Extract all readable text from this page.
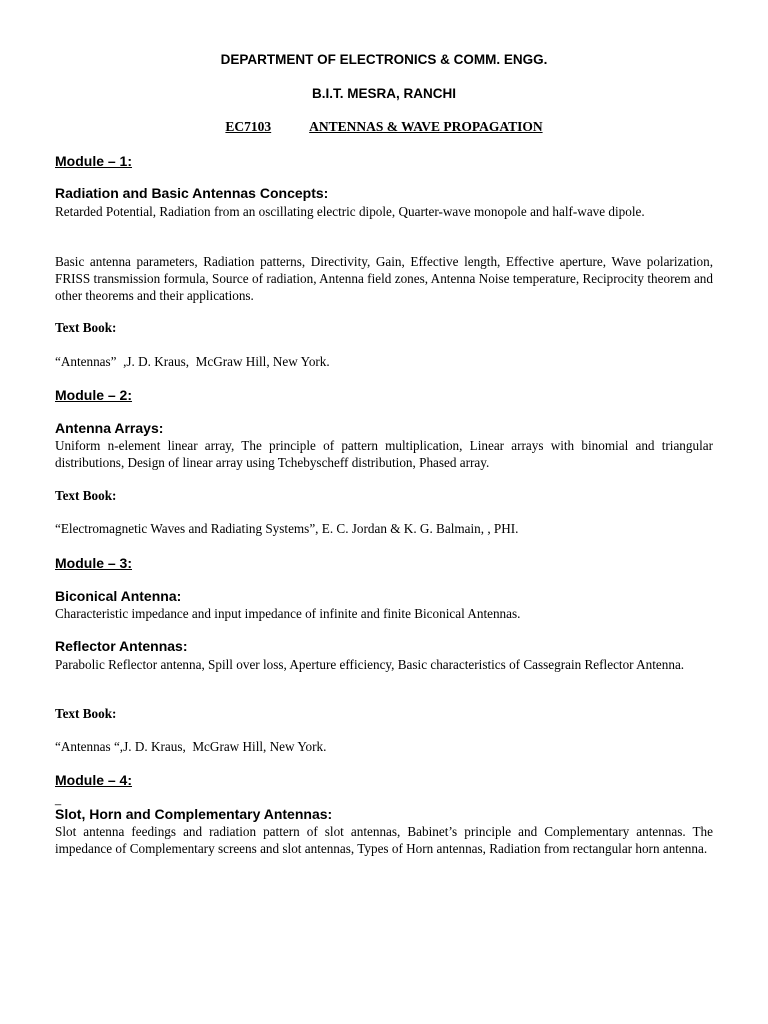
DEPARTMENT OF ELECTRONICS & COMM. ENGG.
B.I.T. MESRA, RANCHI
EC7103	ANTENNAS & WAVE PROPAGATION
Module – 1:
Radiation and Basic Antennas Concepts:

Retarded Potential, Radiation from an oscillating electric dipole, Quarter-wave monopole and half-wave dipole.

Basic antenna parameters, Radiation patterns, Directivity, Gain, Effective length, Effective aperture, Wave polarization, FRISS transmission formula, Source of radiation, Antenna field zones, Antenna Noise temperature, Reciprocity theorem and other theorems and their applications.

Text Book:
“Antennas”  ,J. D. Kraus,  McGraw Hill, New York.
Module – 2:
Antenna Arrays:

Uniform n-element linear array, The principle of pattern multiplication, Linear arrays with binomial and triangular distributions, Design of linear array using Tchebyscheff distribution, Phased array.

Text Book:
“Electromagnetic Waves and Radiating Systems”, E. C. Jordan & K. G. Balmain, , PHI.
Module – 3:
Biconical Antenna:

Characteristic impedance and input impedance of infinite and finite Biconical Antennas.

Reflector Antennas:

Parabolic Reflector antenna, Spill over loss, Aperture efficiency, Basic characteristics of Cassegrain Reflector Antenna.

Text Book:
“Antennas “,J. D. Kraus,  McGraw Hill, New York.
Module – 4:
_
Slot, Horn and Complementary Antennas:

Slot antenna feedings and radiation pattern of slot antennas, Babinet’s principle and Complementary antennas. The impedance of Complementary screens and slot antennas, Types of Horn antennas, Radiation from rectangular horn antenna.
